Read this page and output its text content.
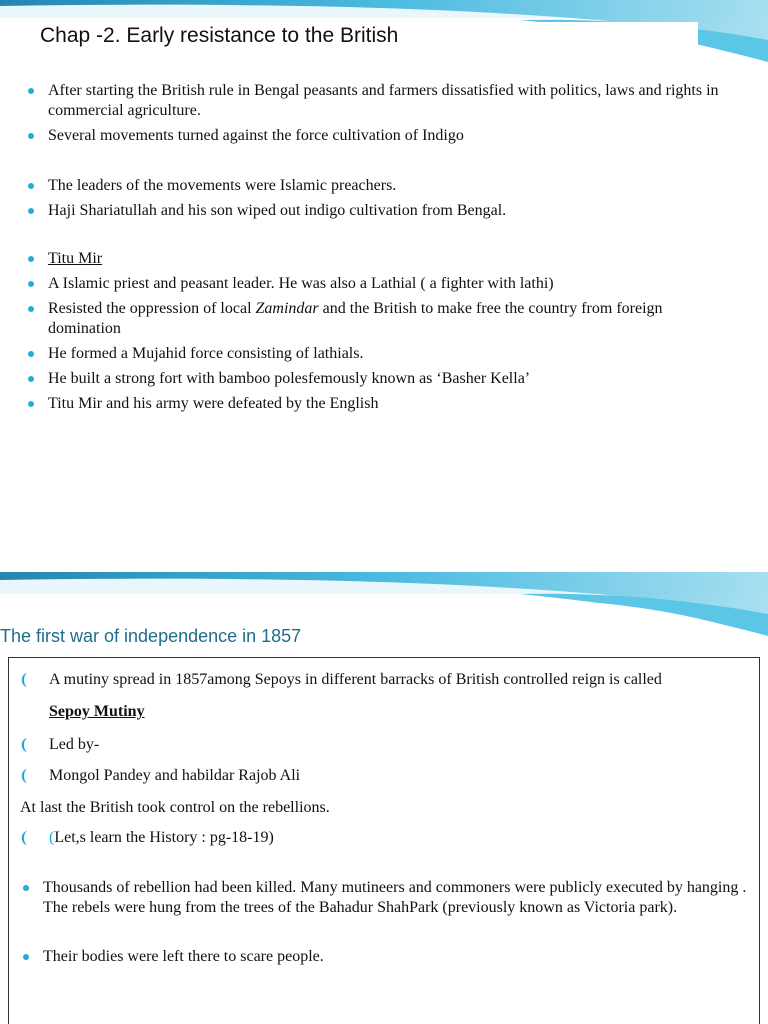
Chap -2. Early resistance to the British
After starting the British rule in Bengal peasants and farmers dissatisfied with politics, laws and rights in commercial agriculture.
Several movements turned against the force cultivation of Indigo
The leaders of the movements were Islamic preachers.
Haji Shariatullah and his son wiped out indigo cultivation from Bengal.
Titu Mir
A Islamic priest and peasant leader. He was also a Lathial ( a fighter with lathi)
Resisted the oppression of local Zamindar and the British to make free the country from foreign domination
He formed a Mujahid force consisting of lathials.
He built a strong fort with bamboo polesfemously known as ‘Basher Kella’
Titu Mir and his army were defeated by the English
The first war of independence in 1857
A mutiny spread in 1857among Sepoys in different barracks of British controlled reign is called
Sepoy Mutiny
Led by-
Mongol Pandey and habildar Rajob Ali
At last the British took control on the rebellions.
(Let,s learn the History : pg-18-19)
Thousands of rebellion had been killed. Many mutineers and commoners were publicly executed by hanging . The rebels were hung from the trees of the Bahadur ShahPark (previously known as Victoria park).
Their bodies were left there to scare people.
